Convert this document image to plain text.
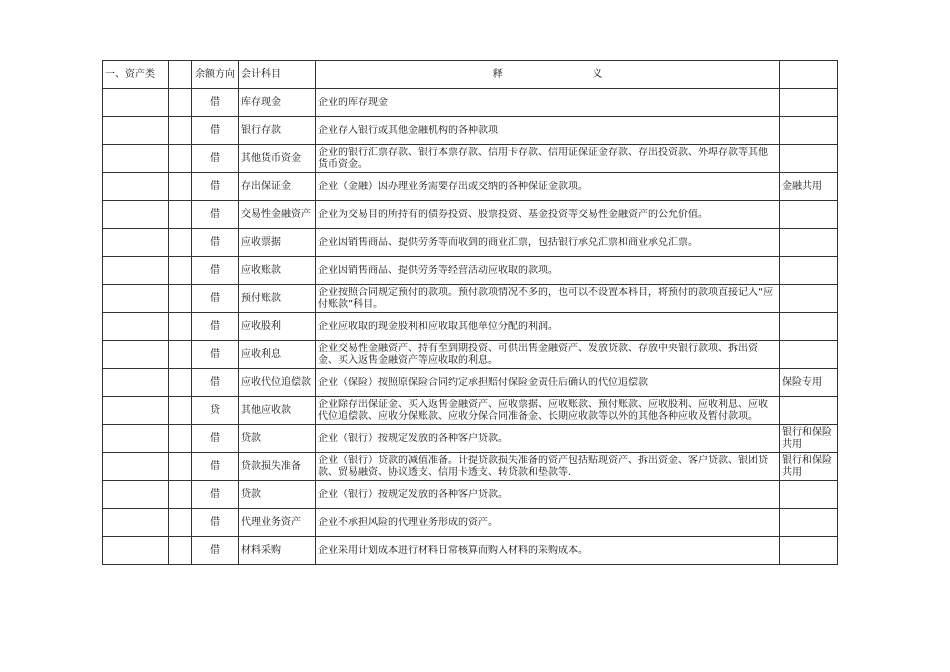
一、资产类		余额方向	会计科目	释 义	

		借	库存现金	企业的库存现金	

		借	银行存款	企业存入银行或其他金融机构的各种款项	

		借	其他货币资金	企业的银行汇票存款、银行本票存款、信用卡存款、信用证保证金存款、存出投资款、外埠存款等其他货币资金。	

		借	存出保证金	企业（金融）因办理业务需要存出或交纳的各种保证金款项。	金融共用
		借	交易性金融资产	企业为交易目的所持有的债券投资、股票投资、基金投资等交易性金融资产的公允价值。	

		借	应收票据	企业因销售商品、提供劳务等而收到的商业汇票，包括银行承兑汇票和商业承兑汇票。	

		借	应收账款	企业因销售商品、提供劳务等经营活动应收取的款项。	

		借	预付账款	企业按照合同规定预付的款项。预付款项情况不多的，也可以不设置本科目，将预付的款项直接记入“应付账款”科目。	

		借	应收股利	企业应收取的现金股利和应收取其他单位分配的利润。	

		借	应收利息	企业交易性金融资产、持有至到期投资、可供出售金融资产、发放贷款、存放中央银行款项、拆出资金、买入返售金融资产等应收取的利息。	

		借	应收代位追偿款	企业（保险）按照原保险合同约定承担赔付保险金责任后确认的代位追偿款	保险专用
		贷	其他应收款	企业除存出保证金、买入返售金融资产、应收票据、应收账款、预付账款、应收股利、应收利息、应收代位追偿款、应收分保账款、应收分保合同准备金、长期应收款等以外的其他各种应收及暂付款项。	

		借	贷款	企业（银行）按规定发放的各种客户贷款。	银行和保险共用
		借	贷款损失准备	企业（银行）贷款的减值准备。计提贷款损失准备的资产包括贴现资产、拆出资金、客户贷款、银团贷款、贸易融资、协议透支、信用卡透支、转贷款和垫款等.	银行和保险共用
		借	贷款	企业（银行）按规定发放的各种客户贷款。	

		借	代理业务资产	企业不承担风险的代理业务形成的资产。	

		借	材料采购	企业采用计划成本进行材料日常核算而购入材料的采购成本。	
